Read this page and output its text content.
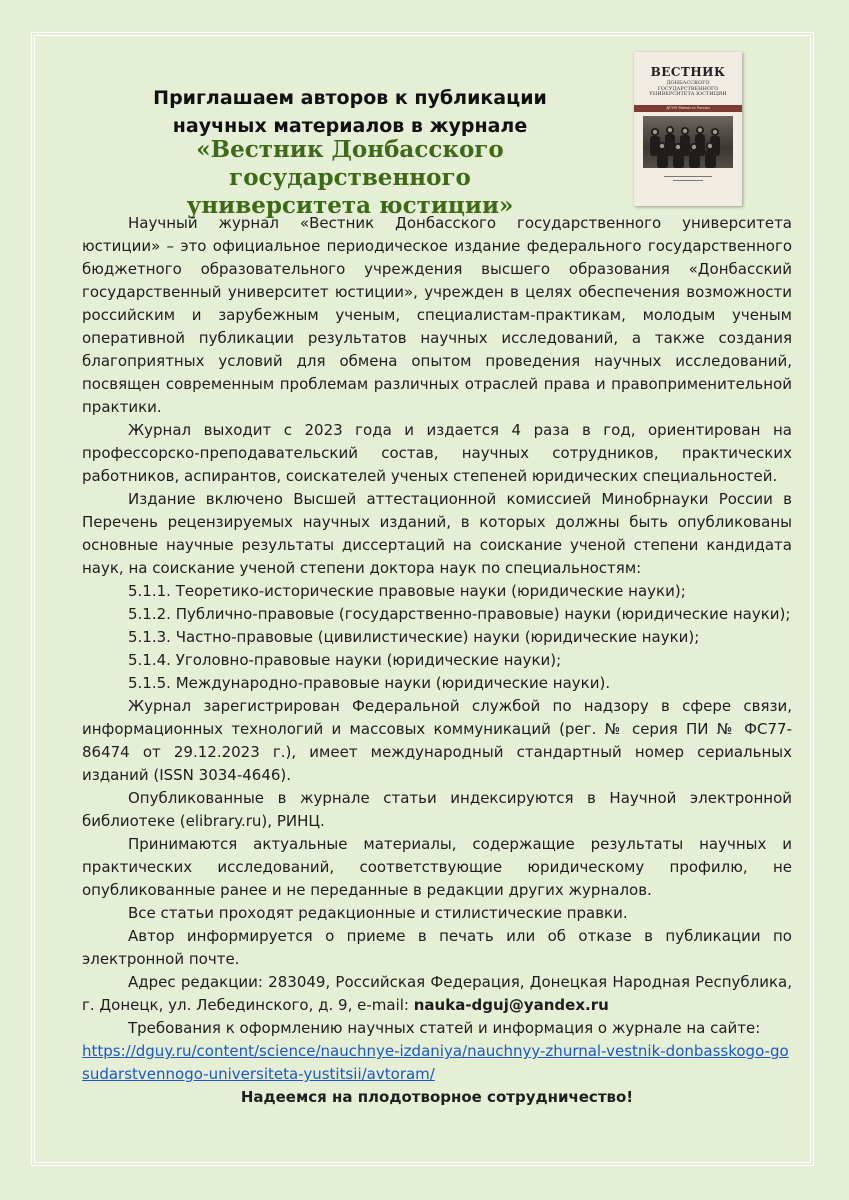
Приглашаем авторов к публикации
научных материалов в журнале
«Вестник Донбасского государственного
университета юстиции»
ВЕСТНИК
ДОНБАССКОГО ГОСУДАРСТВЕННОГО УНИВЕРСИТЕТА ЮСТИЦИИ
ДГУЮ Минюста России

Научный журнал «Вестник Донбасского государственного университета юстиции» – это официальное периодическое издание федерального государственного бюджетного образовательного учреждения высшего образования «Донбасский государственный университет юстиции», учрежден в целях обеспечения возможности российским и зарубежным ученым, специалистам-практикам, молодым ученым оперативной публикации результатов научных исследований, а также создания благоприятных условий для обмена опытом проведения научных исследований, посвящен современным проблемам различных отраслей права и правоприменительной практики.

Журнал выходит с 2023 года и издается 4 раза в год, ориентирован на профессорско-преподавательский состав, научных сотрудников, практических работников, аспирантов, соискателей ученых степеней юридических специальностей.

Издание включено Высшей аттестационной комиссией Минобрнауки России в Перечень рецензируемых научных изданий, в которых должны быть опубликованы основные научные результаты диссертаций на соискание ученой степени кандидата наук, на соискание ученой степени доктора наук по специальностям:

5.1.1. Теоретико-исторические правовые науки (юридические науки);

5.1.2. Публично-правовые (государственно-правовые) науки (юридические науки);

5.1.3. Частно-правовые (цивилистические) науки (юридические науки);

5.1.4. Уголовно-правовые науки (юридические науки);

5.1.5. Международно-правовые науки (юридические науки).

Журнал зарегистрирован Федеральной службой по надзору в сфере связи, информационных технологий и массовых коммуникаций (рег. № серия ПИ № ФС77-86474 от 29.12.2023 г.), имеет международный стандартный номер сериальных изданий (ISSN 3034-4646).

Опубликованные в журнале статьи индексируются в Научной электронной библиотеке (elibrary.ru), РИНЦ.

Принимаются актуальные материалы, содержащие результаты научных и практических исследований, соответствующие юридическому профилю, не опубликованные ранее и не переданные в редакции других журналов.

Все статьи проходят редакционные и стилистические правки.

Автор информируется о приеме в печать или об отказе в публикации по электронной почте.

Адрес редакции: 283049, Российская Федерация, Донецкая Народная Республика, г. Донецк, ул. Лебединского, д. 9, e-mail: nauka-dguj@yandex.ru

Требования к оформлению научных статей и информация о журнале на сайте:

https://dguy.ru/content/science/nauchnye-izdaniya/nauchnyy-zhurnal-vestnik-donbasskogo-gosudarstvennogo-universiteta-yustitsii/avtoram/

Надеемся на плодотворное сотрудничество!
